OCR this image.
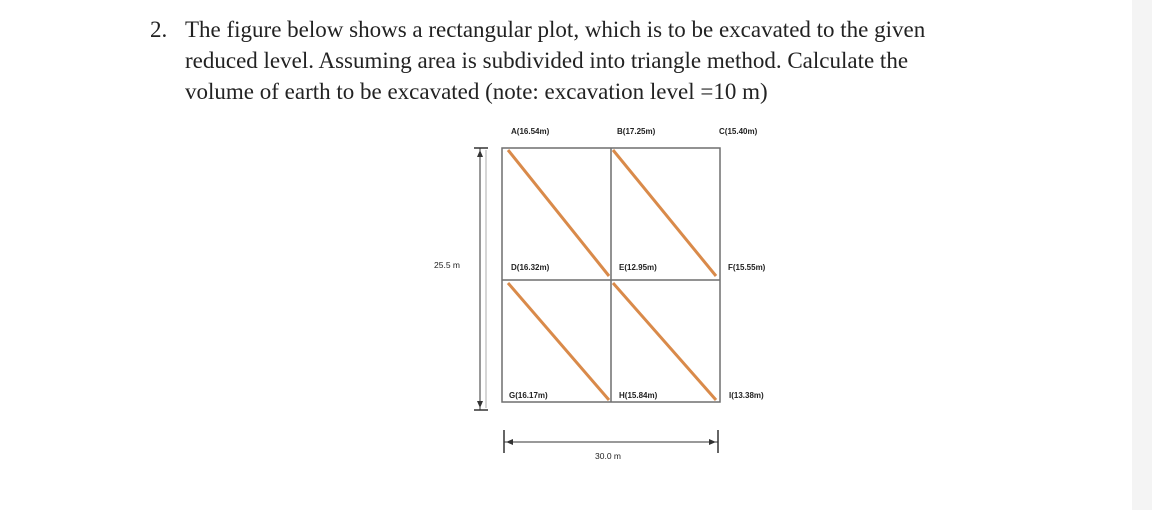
2. The figure below shows a rectangular plot, which is to be excavated to the given
reduced level. Assuming area is subdivided into triangle method. Calculate the
volume of earth to be excavated (note: excavation level =10 m)

A(16.54m)	B(17.25m)	C(15.40m)
D(16.32m)	E(12.95m)	F(15.55m)
G(16.17m)	H(15.84m)	I(13.38m)
25.5 m
30.0 m
